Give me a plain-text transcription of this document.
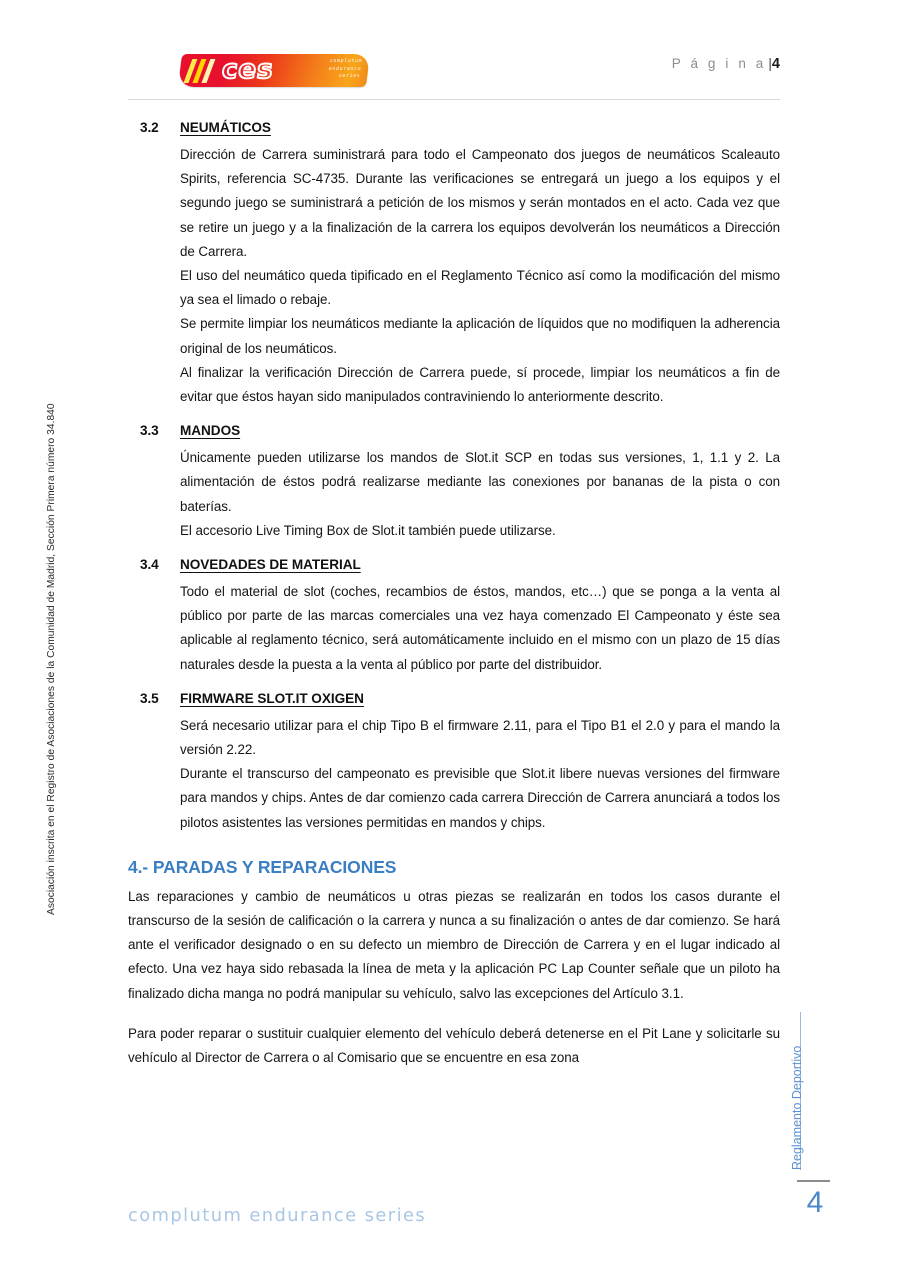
ces	complutum
endurance
series
P á g i n a |4
Asociación inscrita en el Registro de Asociaciones de la Comunidad de Madrid, Sección Primera número 34.840
Reglamento Deportivo
4
complutum endurance series
3.2 NEUMÁTICOS

Dirección de Carrera suministrará para todo el Campeonato dos juegos de neumáticos Scaleauto Spirits, referencia SC-4735. Durante las verificaciones se entregará un juego a los equipos y el segundo juego se suministrará a petición de los mismos y serán montados en el acto. Cada vez que se retire un juego y a la finalización de la carrera los equipos devolverán los neumáticos a Dirección de Carrera.

El uso del neumático queda tipificado en el Reglamento Técnico así como la modificación del mismo ya sea el limado o rebaje.

Se permite limpiar los neumáticos mediante la aplicación de líquidos que no modifiquen la adherencia original de los neumáticos.

Al finalizar la verificación Dirección de Carrera puede, sí procede, limpiar los neumáticos a fin de evitar que éstos hayan sido manipulados contraviniendo lo anteriormente descrito.

3.3 MANDOS

Únicamente pueden utilizarse los mandos de Slot.it SCP en todas sus versiones, 1, 1.1 y 2. La alimentación de éstos podrá realizarse mediante las conexiones por bananas de la pista o con baterías.

El accesorio Live Timing Box de Slot.it también puede utilizarse.

3.4 NOVEDADES DE MATERIAL

Todo el material de slot (coches, recambios de éstos, mandos, etc…) que se ponga a la venta al público por parte de las marcas comerciales una vez haya comenzado El Campeonato y éste sea aplicable al reglamento técnico, será automáticamente incluido en el mismo con un plazo de 15 días naturales desde la puesta a la venta al público por parte del distribuidor.

3.5 FIRMWARE SLOT.IT OXIGEN

Será necesario utilizar para el chip Tipo B el firmware 2.11, para el Tipo B1 el 2.0 y para el mando la versión 2.22.

Durante el transcurso del campeonato es previsible que Slot.it libere nuevas versiones del firmware para mandos y chips. Antes de dar comienzo cada carrera Dirección de Carrera anunciará a todos los pilotos asistentes las versiones permitidas en mandos y chips.

4.- PARADAS Y REPARACIONES

Las reparaciones y cambio de neumáticos u otras piezas se realizarán en todos los casos durante el transcurso de la sesión de calificación o la carrera y nunca a su finalización o antes de dar comienzo. Se hará ante el verificador designado o en su defecto un miembro de Dirección de Carrera y en el lugar indicado al efecto. Una vez haya sido rebasada la línea de meta y la aplicación PC Lap Counter señale que un piloto ha finalizado dicha manga no podrá manipular su vehículo, salvo las excepciones del Artículo 3.1.

Para poder reparar o sustituir cualquier elemento del vehículo deberá detenerse en el Pit Lane y solicitarle su vehículo al Director de Carrera o al Comisario que se encuentre en esa zona
